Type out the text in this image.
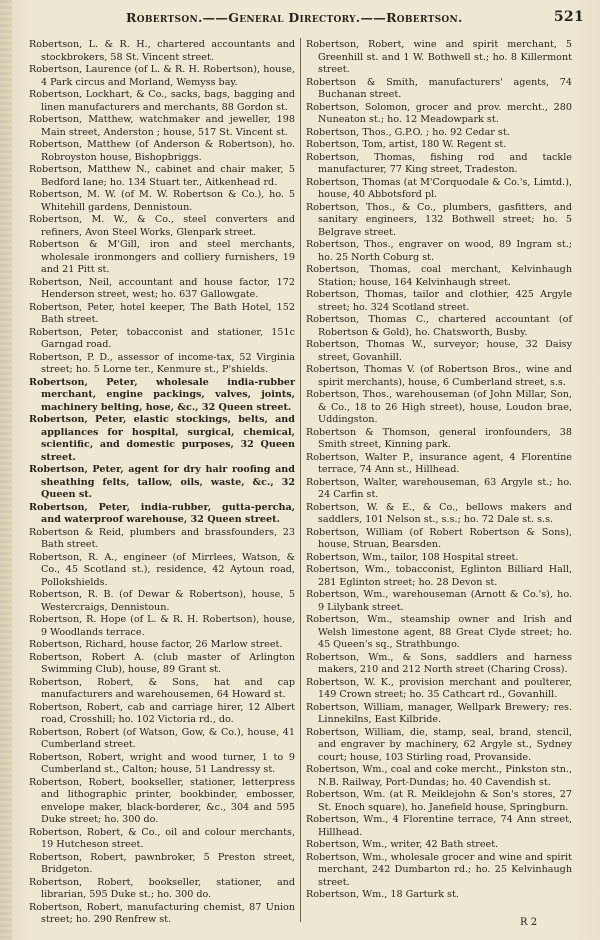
Robertson.——General Directory.——Robertson.	521
Robertson, L. & R. H., chartered accountants and stockbrokers, 58 St. Vincent street.
Robertson, Laurence (of L. & R. H. Robertson), house, 4 Park circus and Morland, Wemyss bay.
Robertson, Lockhart, & Co., sacks, bags, bagging and linen manufacturers and merchants, 88 Gordon st.
Robertson, Matthew, watchmaker and jeweller, 198 Main street, Anderston ; house, 517 St. Vincent st.
Robertson, Matthew (of Anderson & Robertson), ho. Robroyston house, Bishopbriggs.
Robertson, Matthew N., cabinet and chair maker, 5 Bedford lane; ho. 134 Stuart ter., Aitkenhead rd.
Robertson, M. W. (of M. W. Robertson & Co.), ho. 5 Whitehill gardens, Dennistoun.
Robertson, M. W., & Co., steel converters and refiners, Avon Steel Works, Glenpark street.
Robertson & M'Gill, iron and steel merchants, wholesale ironmongers and colliery furnishers, 19 and 21 Pitt st.
Robertson, Neil, accountant and house factor, 172 Henderson street, west; ho. 637 Gallowgate.
Robertson, Peter, hotel keeper, The Bath Hotel, 152 Bath street.
Robertson, Peter, tobacconist and stationer, 151c Garngad road.
Robertson, P. D., assessor of income-tax, 52 Virginia street; ho. 5 Lorne ter., Kenmure st., P'shields.
Robertson, Peter, wholesale india-rubber merchant, engine packings, valves, joints, machinery belting, hose, &c., 32 Queen street.
Robertson, Peter, elastic stockings, belts, and appliances for hospital, surgical, chemical, scientific, and domestic purposes, 32 Queen street.
Robertson, Peter, agent for dry hair roofing and sheathing felts, tallow, oils, waste, &c., 32 Queen st.
Robertson, Peter, india-rubber, gutta-percha, and waterproof warehouse, 32 Queen street.
Robertson & Reid, plumbers and brassfounders, 23 Bath street.
Robertson, R. A., engineer (of Mirrlees, Watson, & Co., 45 Scotland st.), residence, 42 Aytoun road, Pollokshields.
Robertson, R. B. (of Dewar & Robertson), house, 5 Westercraigs, Dennistoun.
Robertson, R. Hope (of L. & R. H. Robertson), house, 9 Woodlands terrace.
Robertson, Richard, house factor, 26 Marlow street.
Robertson, Robert A. (club master of Arlington Swimming Club), house, 89 Grant st.
Robertson, Robert, & Sons, hat and cap manufacturers and warehousemen, 64 Howard st.
Robertson, Robert, cab and carriage hirer, 12 Albert road, Crosshill; ho. 102 Victoria rd., do.
Robertson, Robert (of Watson, Gow, & Co.), house, 41 Cumberland street.
Robertson, Robert, wright and wood turner, 1 to 9 Cumberland st., Calton; house, 51 Landressy st.
Robertson, Robert, bookseller, stationer, letterpress and lithographic printer, bookbinder, embosser, envelope maker, black-borderer, &c., 304 and 595 Duke street; ho. 300 do.
Robertson, Robert, & Co., oil and colour merchants, 19 Hutcheson street.
Robertson, Robert, pawnbroker, 5 Preston street, Bridgeton.
Robertson, Robert, bookseller, stationer, and librarian, 595 Duke st.; ho. 300 do.
Robertson, Robert, manufacturing chemist, 87 Union street; ho. 290 Renfrew st.
Robertson, Robert, wine and spirit merchant, 5 Greenhill st. and 1 W. Bothwell st.; ho. 8 Killermont street.
Robertson & Smith, manufacturers' agents, 74 Buchanan street.
Robertson, Solomon, grocer and prov. mercht., 280 Nuneaton st.; ho. 12 Meadowpark st.
Robertson, Thos., G.P.O. ; ho. 92 Cedar st.
Robertson, Tom, artist, 180 W. Regent st.
Robertson, Thomas, fishing rod and tackle manufacturer, 77 King street, Tradeston.
Robertson, Thomas (at M'Corquodale & Co.'s, Limtd.), house, 40 Abbotsford pl.
Robertson, Thos., & Co., plumbers, gasfitters, and sanitary engineers, 132 Bothwell street; ho. 5 Belgrave street.
Robertson, Thos., engraver on wood, 89 Ingram st.; ho. 25 North Coburg st.
Robertson, Thomas, coal merchant, Kelvinhaugh Station; house, 164 Kelvinhaugh street.
Robertson, Thomas, tailor and clothier, 425 Argyle street; ho. 324 Scotland street.
Robertson, Thomas C., chartered accountant (of Robertson & Gold), ho. Chatsworth, Busby.
Robertson, Thomas W., surveyor; house, 32 Daisy street, Govanhill.
Robertson, Thomas V. (of Robertson Bros., wine and spirit merchants), house, 6 Cumberland street, s.s.
Robertson, Thos., warehouseman (of John Millar, Son, & Co., 18 to 26 High street), house, Loudon brae, Uddingston.
Robertson & Thomson, general ironfounders, 38 Smith street, Kinning park.
Robertson, Walter P., insurance agent, 4 Florentine terrace, 74 Ann st., Hillhead.
Robertson, Walter, warehouseman, 63 Argyle st.; ho. 24 Carfin st.
Robertson, W. & E., & Co., bellows makers and saddlers, 101 Nelson st., s.s.; ho. 72 Dale st. s.s.
Robertson, William (of Robert Robertson & Sons), house, Struan, Bearsden.
Robertson, Wm., tailor, 108 Hospital street.
Robertson, Wm., tobacconist, Eglinton Billiard Hall, 281 Eglinton street; ho. 28 Devon st.
Robertson, Wm., warehouseman (Arnott & Co.'s), ho. 9 Lilybank street.
Robertson, Wm., steamship owner and Irish and Welsh limestone agent, 88 Great Clyde street; ho. 45 Queen's sq., Strathbungo.
Robertson, Wm., & Sons, saddlers and harness makers, 210 and 212 North street (Charing Cross).
Robertson, W. K., provision merchant and poulterer, 149 Crown street; ho. 35 Cathcart rd., Govanhill.
Robertson, William, manager, Wellpark Brewery; res. Linnekilns, East Kilbride.
Robertson, William, die, stamp, seal, brand, stencil, and engraver by machinery, 62 Argyle st., Sydney court; house, 103 Stirling road, Provanside.
Robertson, Wm., coal and coke mercht., Pinkston stn., N.B. Railway, Port-Dundas; ho. 40 Cavendish st.
Robertson, Wm. (at R. Meiklejohn & Son's stores, 27 St. Enoch square), ho. Janefield house, Springburn.
Robertson, Wm., 4 Florentine terrace, 74 Ann street, Hillhead.
Robertson, Wm., writer, 42 Bath street.
Robertson, Wm., wholesale grocer and wine and spirit merchant, 242 Dumbarton rd.; ho. 25 Kelvinhaugh street.
Robertson, Wm., 18 Garturk st.
R 2
